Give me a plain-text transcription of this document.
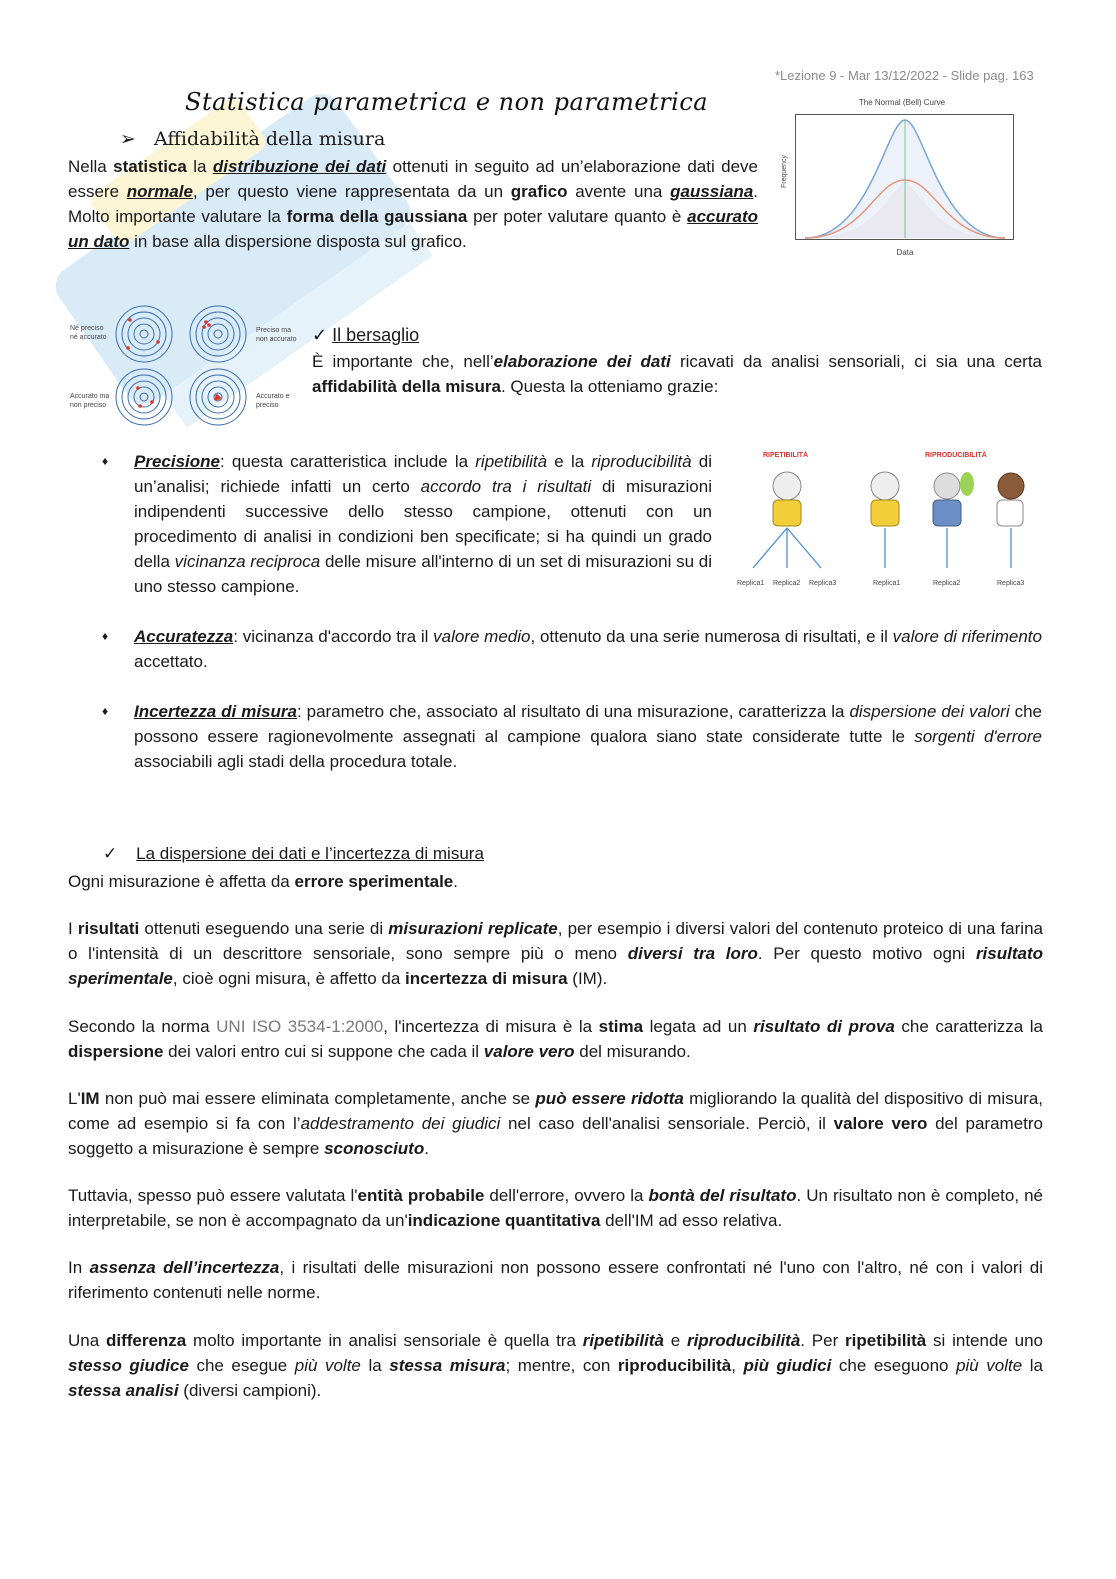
*Lezione 9 - Mar 13/12/2022 - Slide pag. 163
Statistica parametrica e non parametrica
➢ Affidabilità della misura
Nella statistica la distribuzione dei dati ottenuti in seguito ad un’elaborazione dati deve essere normale, per questo viene rappresentata da un grafico avente una gaussiana. Molto importante valutare la forma della gaussiana per poter valutare quanto è accurato un dato in base alla dispersione disposta sul grafico.
The Normal (Bell) Curve
Frequency
Data
Né preciso né accurato
Preciso ma non accurato
Accurato ma non preciso
Accurato e preciso
✓ Il bersaglio
È importante che, nell’elaborazione dei dati ricavati da analisi sensoriali, ci sia una certa affidabilità della misura. Questa la otteniamo grazie:
♦ Precisione: questa caratteristica include la ripetibilità e la riproducibilità di un’analisi; richiede infatti un certo accordo tra i risultati di misurazioni indipendenti successive dello stesso campione, ottenuti con un procedimento di analisi in condizioni ben specificate; si ha quindi un grado della vicinanza reciproca delle misure all'interno di un set di misurazioni su di uno stesso campione.
RIPETIBILITÀ	RIPRODUCIBILITÀ
Replica1 Replica2 Replica3	Replica1	Replica2	Replica3
♦ Accuratezza: vicinanza d'accordo tra il valore medio, ottenuto da una serie numerosa di risultati, e il valore di riferimento accettato.
♦ Incertezza di misura: parametro che, associato al risultato di una misurazione, caratterizza la dispersione dei valori che possono essere ragionevolmente assegnati al campione qualora siano state considerate tutte le sorgenti d'errore associabili agli stadi della procedura totale.
✓ La dispersione dei dati e l’incertezza di misura
Ogni misurazione è affetta da errore sperimentale.
I risultati ottenuti eseguendo una serie di misurazioni replicate, per esempio i diversi valori del contenuto proteico di una farina o l'intensità di un descrittore sensoriale, sono sempre più o meno diversi tra loro. Per questo motivo ogni risultato sperimentale, cioè ogni misura, è affetto da incertezza di misura (IM).
Secondo la norma UNI ISO 3534-1:2000, l'incertezza di misura è la stima legata ad un risultato di prova che caratterizza la dispersione dei valori entro cui si suppone che cada il valore vero del misurando.
L'IM non può mai essere eliminata completamente, anche se può essere ridotta migliorando la qualità del dispositivo di misura, come ad esempio si fa con l’addestramento dei giudici nel caso dell'analisi sensoriale. Perciò, il valore vero del parametro soggetto a misurazione è sempre sconosciuto.
Tuttavia, spesso può essere valutata l'entità probabile dell'errore, ovvero la bontà del risultato. Un risultato non è completo, né interpretabile, se non è accompagnato da un'indicazione quantitativa dell'IM ad esso relativa.
In assenza dell’incertezza, i risultati delle misurazioni non possono essere confrontati né l'uno con l'altro, né con i valori di riferimento contenuti nelle norme.
Una differenza molto importante in analisi sensoriale è quella tra ripetibilità e riproducibilità. Per ripetibilità si intende uno stesso giudice che esegue più volte la stessa misura; mentre, con riproducibilità, più giudici che eseguono più volte la stessa analisi (diversi campioni).
